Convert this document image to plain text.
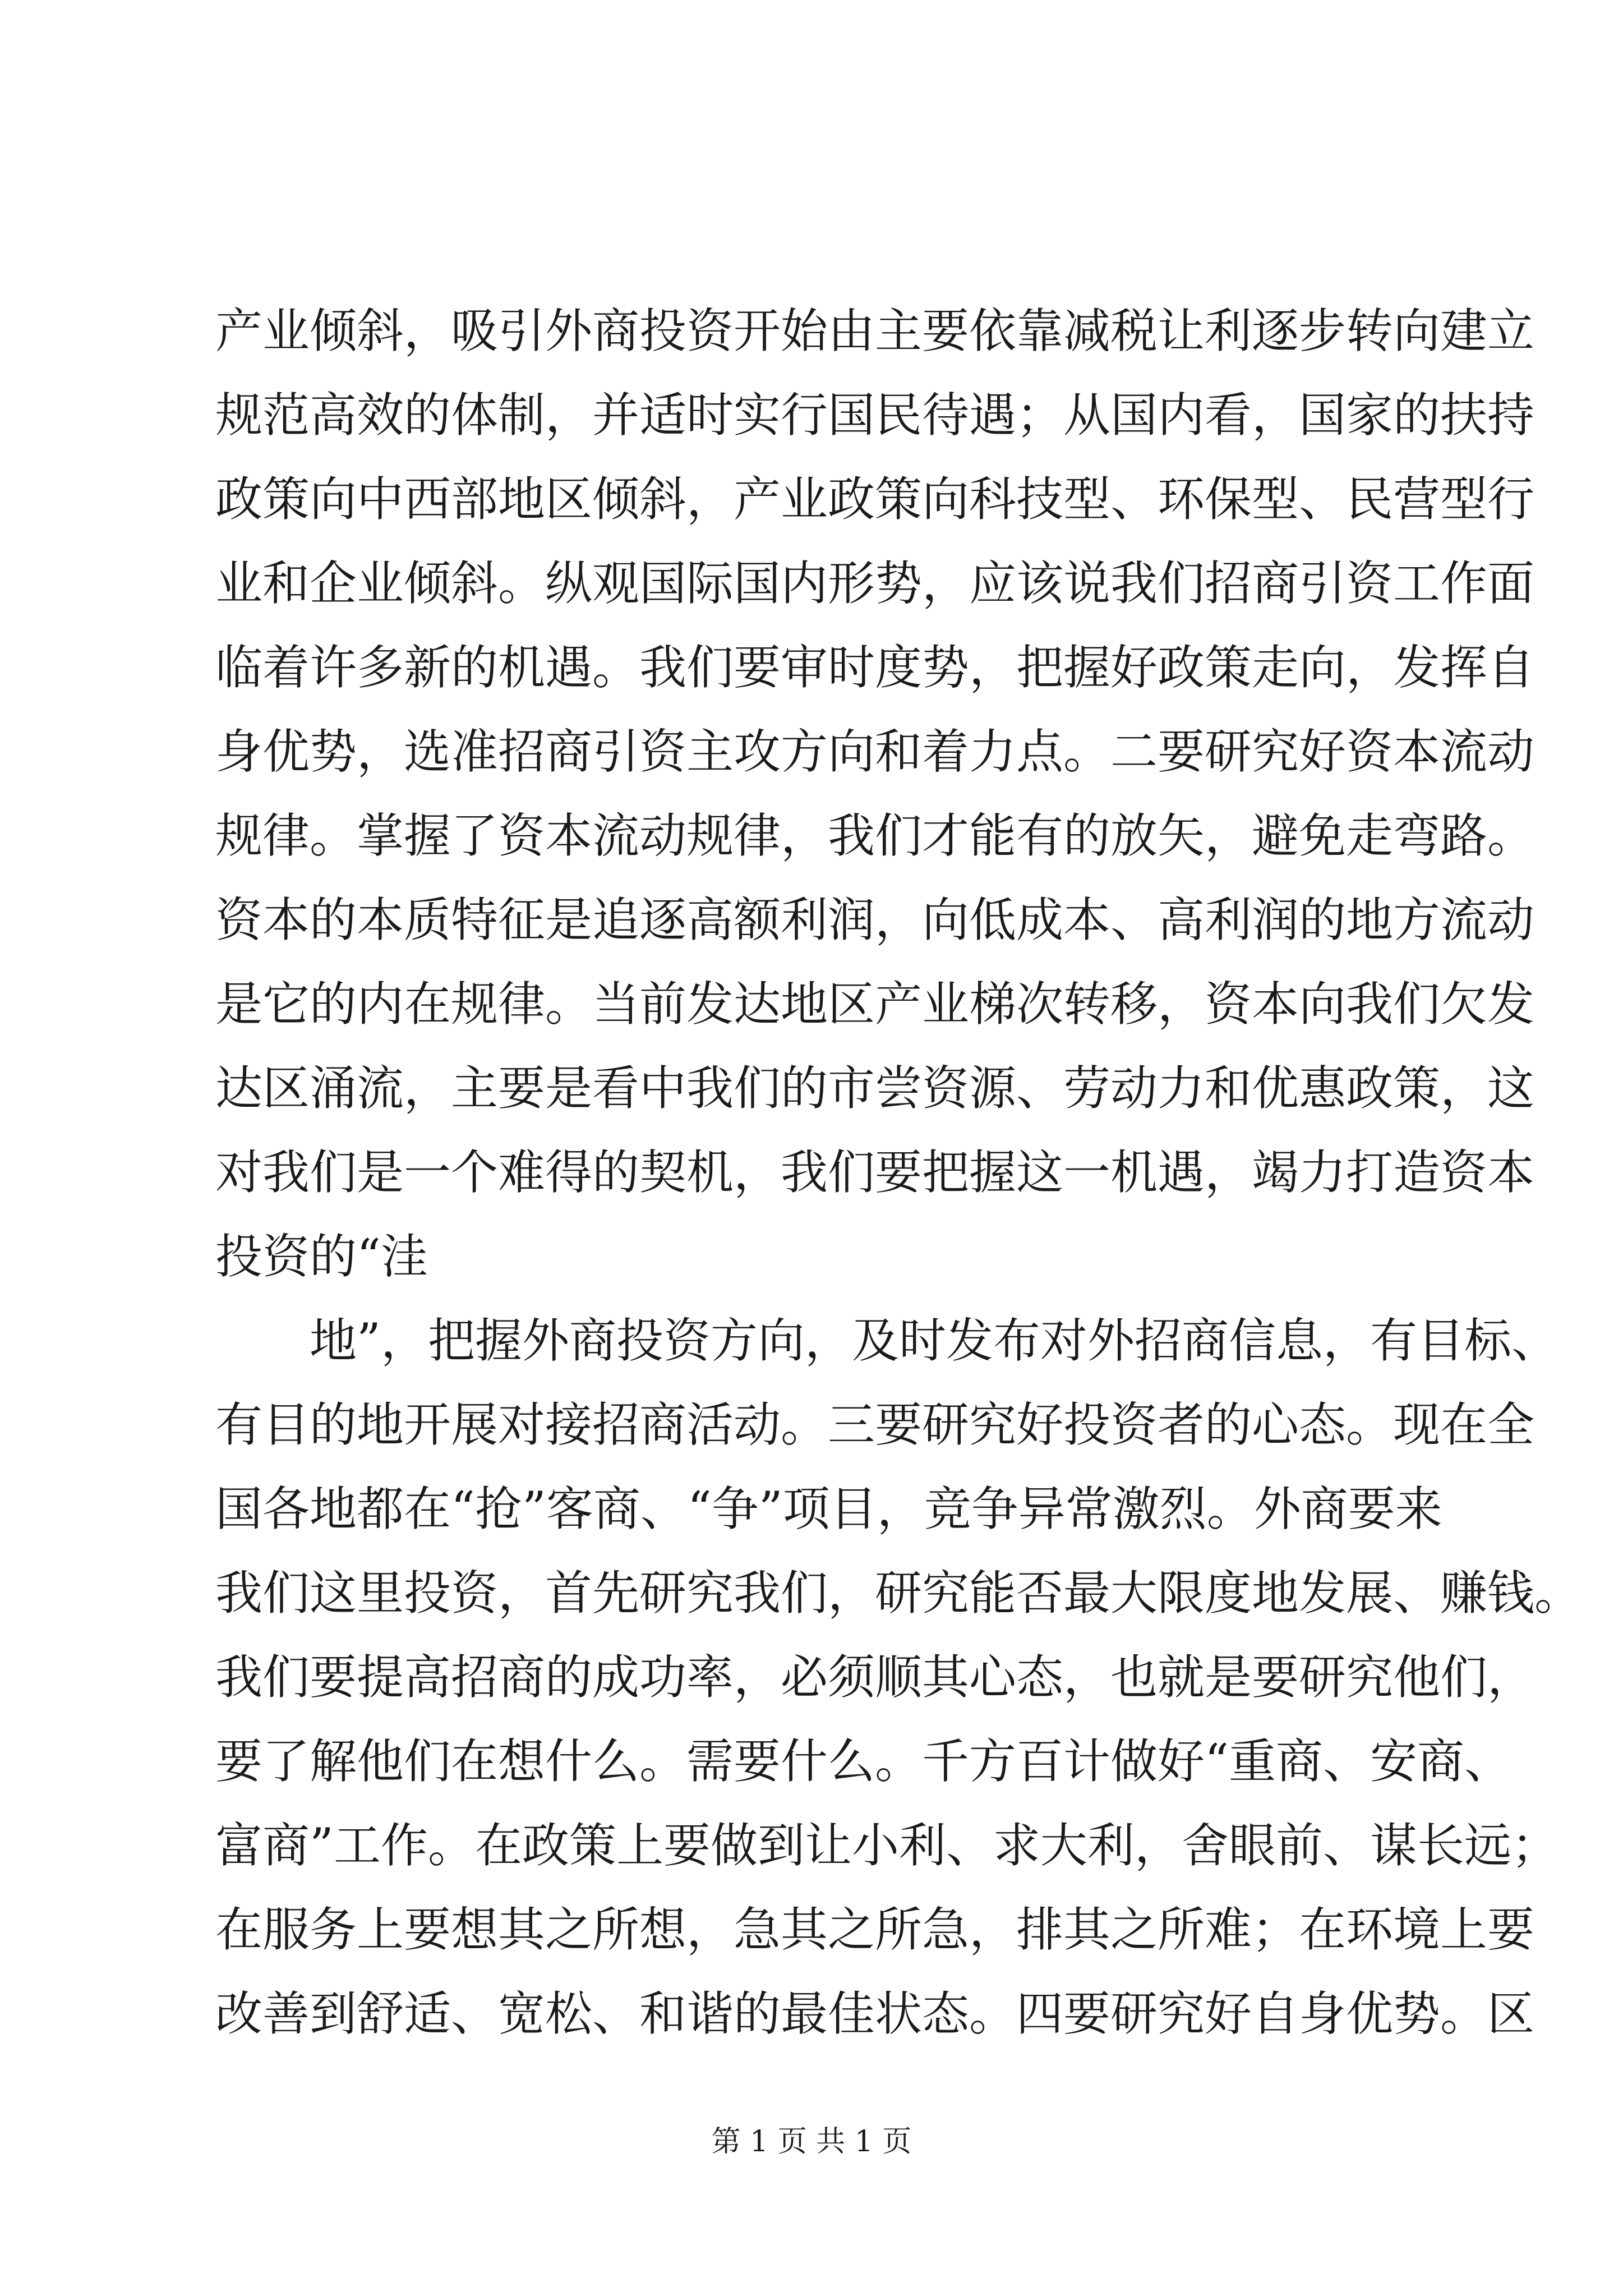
产业倾斜，吸引外商投资开始由主要依靠减税让利逐步转向建立
规范高效的体制，并适时实行国民待遇；从国内看，国家的扶持
政策向中西部地区倾斜，产业政策向科技型、环保型、民营型行
业和企业倾斜。纵观国际国内形势，应该说我们招商引资工作面
临着许多新的机遇。我们要审时度势，把握好政策走向，发挥自
身优势，选准招商引资主攻方向和着力点。二要研究好资本流动
规律。掌握了资本流动规律，我们才能有的放矢，避免走弯路。
资本的本质特征是追逐高额利润，向低成本、高利润的地方流动
是它的内在规律。当前发达地区产业梯次转移，资本向我们欠发
达区涌流，主要是看中我们的市尝资源、劳动力和优惠政策，这
对我们是一个难得的契机，我们要把握这一机遇，竭力打造资本
投资的“洼
地”，把握外商投资方向，及时发布对外招商信息，有目标、
有目的地开展对接招商活动。三要研究好投资者的心态。现在全
国各地都在“抢”客商、“争”项目，竞争异常激烈。外商要来
我们这里投资，首先研究我们，研究能否最大限度地发展、赚钱。
我们要提高招商的成功率，必须顺其心态，也就是要研究他们，
要了解他们在想什么。需要什么。千方百计做好“重商、安商、
富商”工作。在政策上要做到让小利、求大利，舍眼前、谋长远；
在服务上要想其之所想，急其之所急，排其之所难；在环境上要
改善到舒适、宽松、和谐的最佳状态。四要研究好自身优势。区
第 1 页 共 1 页
